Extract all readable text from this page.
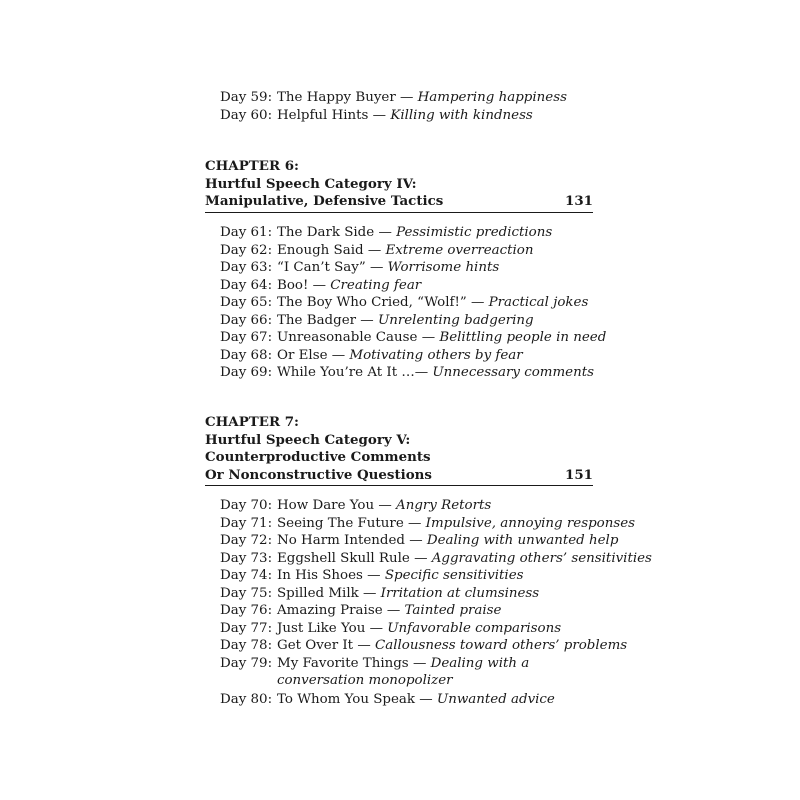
Day 59: The Happy Buyer — Hampering happiness
Day 60: Helpful Hints — Killing with kindness
CHAPTER 6:
Hurtful Speech Category IV:
Manipulative, Defensive Tactics	131
Day 61: The Dark Side — Pessimistic predictions
Day 62: Enough Said — Extreme overreaction
Day 63: “I Can’t Say” — Worrisome hints
Day 64: Boo! — Creating fear
Day 65: The Boy Who Cried, “Wolf!” — Practical jokes
Day 66: The Badger — Unrelenting badgering
Day 67: Unreasonable Cause — Belittling people in need
Day 68: Or Else — Motivating others by fear
Day 69: While You’re At It …— Unnecessary comments
CHAPTER 7:
Hurtful Speech Category V:
Counterproductive Comments
Or Nonconstructive Questions	151
Day 70: How Dare You — Angry Retorts
Day 71: Seeing The Future — Impulsive, annoying responses
Day 72: No Harm Intended — Dealing with unwanted help
Day 73: Eggshell Skull Rule — Aggravating others’ sensitivities
Day 74: In His Shoes — Specific sensitivities
Day 75: Spilled Milk — Irritation at clumsiness
Day 76: Amazing Praise — Tainted praise
Day 77: Just Like You — Unfavorable comparisons
Day 78: Get Over It — Callousness toward others’ problems
Day 79: My Favorite Things — Dealing with a conversation monopolizer
Day 80: To Whom You Speak — Unwanted advice
